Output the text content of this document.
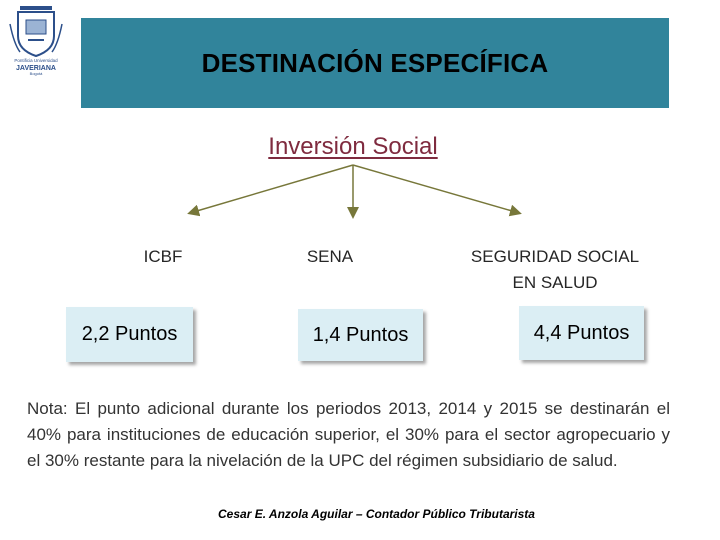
Pontificia Universidad
JAVERIANA
Bogotá	DESTINACIÓN ESPECÍFICA
Inversión Social
ICBF	SENA	SEGURIDAD SOCIAL
EN SALUD
2,2 Puntos	1,4 Puntos	4,4 Puntos
Nota: El punto adicional durante los periodos 2013, 2014 y 2015 se destinarán el 40% para instituciones de educación superior, el 30% para el sector agropecuario y el 30% restante para la nivelación de la UPC del régimen subsidiario de salud.
Cesar E. Anzola Aguilar – Contador Público Tributarista
